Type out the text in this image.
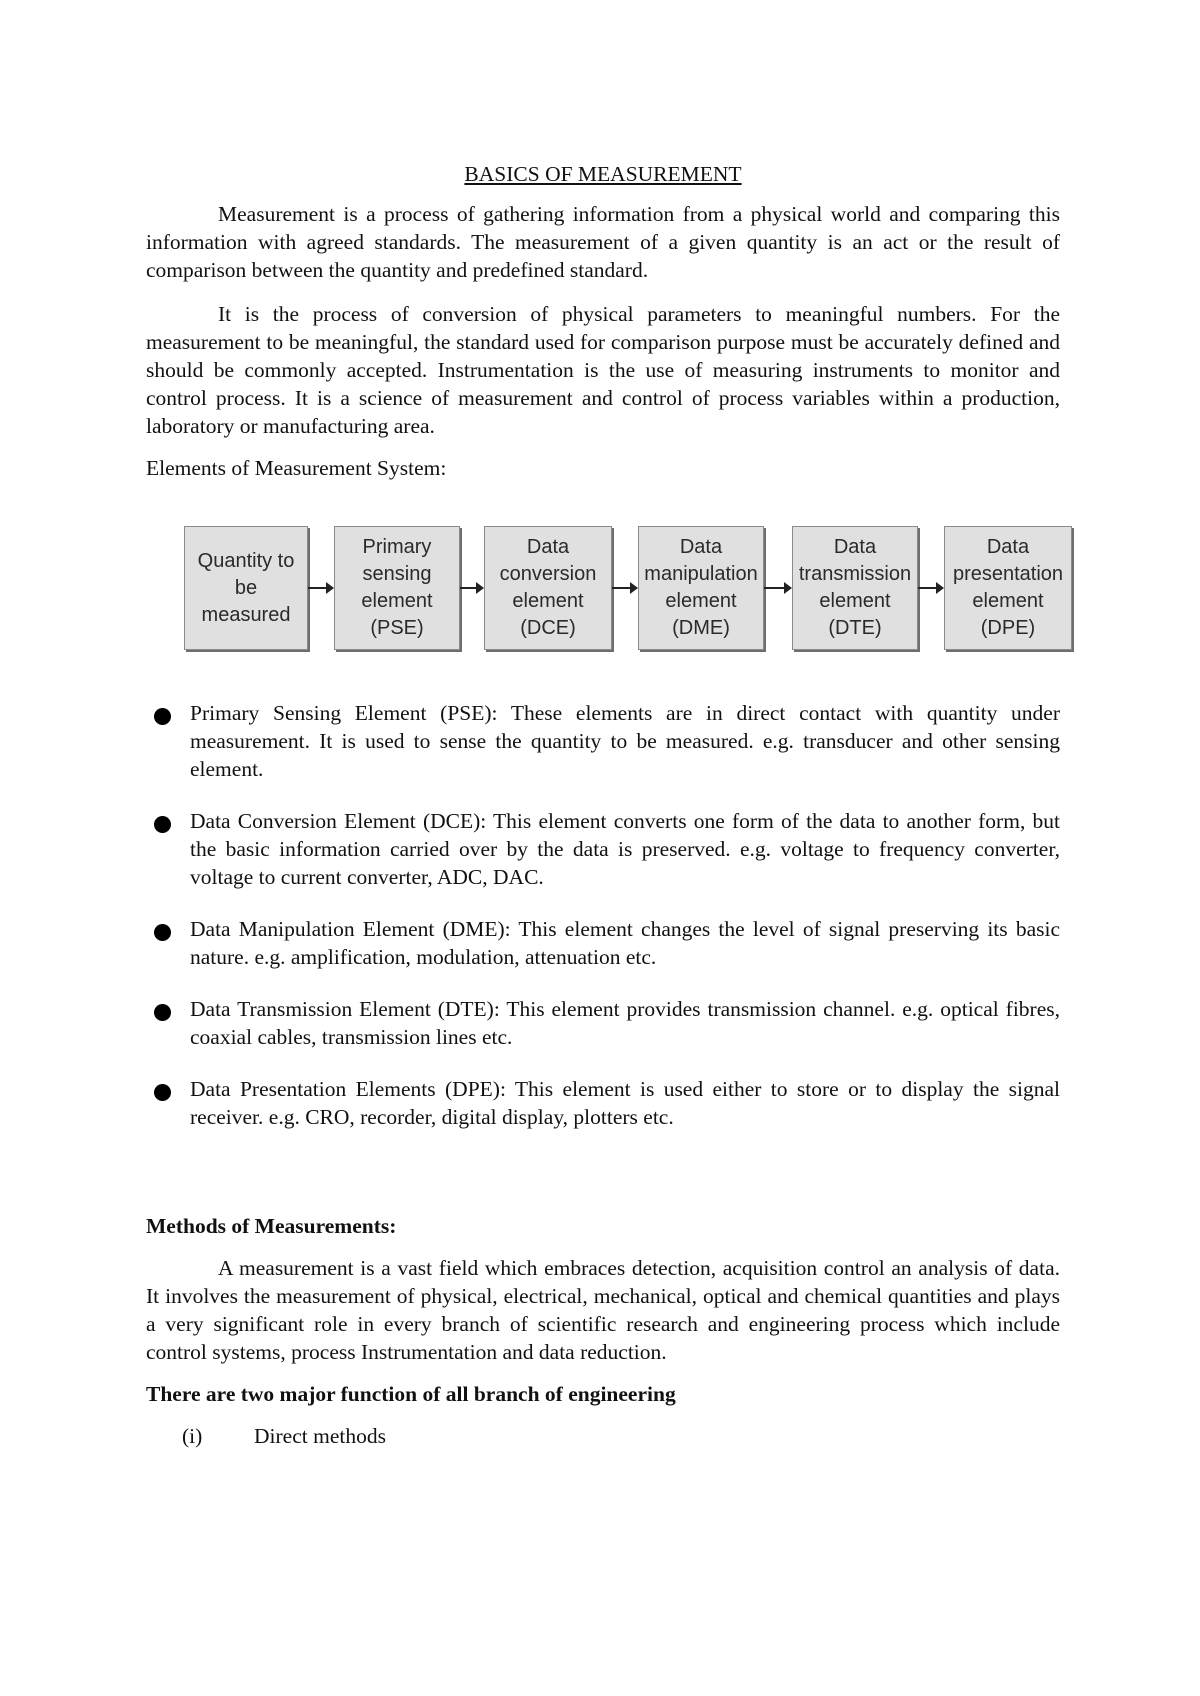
BASICS OF MEASUREMENT

Measurement is a process of gathering information from a physical world and comparing this information with agreed standards. The measurement of a given quantity is an act or the result of comparison between the quantity and predefined standard.

It is the process of conversion of physical parameters to meaningful numbers. For the measurement to be meaningful, the standard used for comparison purpose must be accurately defined and should be commonly accepted. Instrumentation is the use of measuring instruments to monitor and control process. It is a science of measurement and control of process variables within a production, laboratory or manufacturing area.

Elements of Measurement System:

Quantity to be
measured
Primary
sensing
element
(PSE)
Data
conversion
element
(DCE)
Data
manipulation
element
(DME)
Data
transmission
element
(DTE)
Data
presentation
element
(DPE)
Primary Sensing Element (PSE): These elements are in direct contact with quantity under measurement. It is used to sense the quantity to be measured. e.g. transducer and other sensing element.
Data Conversion Element (DCE): This element converts one form of the data to another form, but the basic information carried over by the data is preserved. e.g. voltage to frequency converter, voltage to current converter, ADC, DAC.
Data Manipulation Element (DME): This element changes the level of signal preserving its basic nature. e.g. amplification, modulation, attenuation etc.
Data Transmission Element (DTE): This element provides transmission channel. e.g. optical fibres, coaxial cables, transmission lines etc.
Data Presentation Elements (DPE): This element is used either to store or to display the signal receiver. e.g. CRO, recorder, digital display, plotters etc.

Methods of Measurements:

A measurement is a vast field which embraces detection, acquisition control an analysis of data. It involves the measurement of physical, electrical, mechanical, optical and chemical quantities and plays a very significant role in every branch of scientific research and engineering process which include control systems, process Instrumentation and data reduction.

There are two major function of all branch of engineering

(i)	Direct methods
